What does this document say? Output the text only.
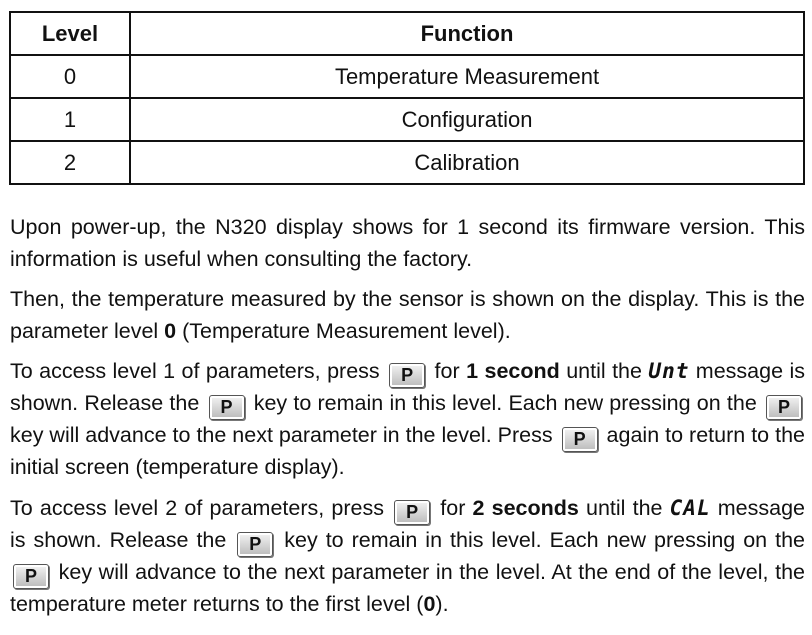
Level	Function
0	Temperature Measurement
1	Configuration
2	Calibration

Upon power-up, the N320 display shows for 1 second its firmware version. This information is useful when consulting the factory.

Then, the temperature measured by the sensor is shown on the display. This is the parameter level 0 (Temperature Measurement level).

To access level 1 of parameters, press P for 1 second until the Unt message is shown. Release the P key to remain in this level. Each new pressing on the P key will advance to the next parameter in the level. Press P again to return to the initial screen (temperature display).

To access level 2 of parameters, press P for 2 seconds until the CAL message is shown. Release the P key to remain in this level. Each new pressing on the P key will advance to the next parameter in the level. At the end of the level, the temperature meter returns to the first level (0).
